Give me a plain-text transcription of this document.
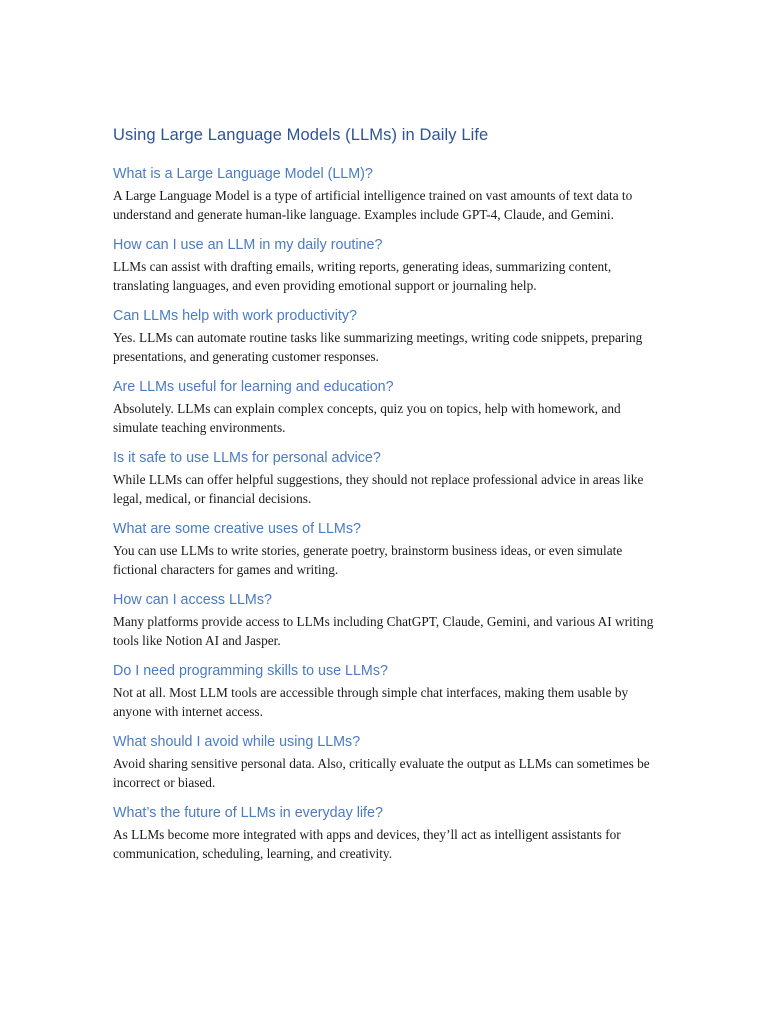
Using Large Language Models (LLMs) in Daily Life
What is a Large Language Model (LLM)?

A Large Language Model is a type of artificial intelligence trained on vast amounts of text data to understand and generate human-like language. Examples include GPT-4, Claude, and Gemini.

How can I use an LLM in my daily routine?

LLMs can assist with drafting emails, writing reports, generating ideas, summarizing content, translating languages, and even providing emotional support or journaling help.

Can LLMs help with work productivity?

Yes. LLMs can automate routine tasks like summarizing meetings, writing code snippets, preparing presentations, and generating customer responses.

Are LLMs useful for learning and education?

Absolutely. LLMs can explain complex concepts, quiz you on topics, help with homework, and simulate teaching environments.

Is it safe to use LLMs for personal advice?

While LLMs can offer helpful suggestions, they should not replace professional advice in areas like legal, medical, or financial decisions.

What are some creative uses of LLMs?

You can use LLMs to write stories, generate poetry, brainstorm business ideas, or even simulate fictional characters for games and writing.

How can I access LLMs?

Many platforms provide access to LLMs including ChatGPT, Claude, Gemini, and various AI writing tools like Notion AI and Jasper.

Do I need programming skills to use LLMs?

Not at all. Most LLM tools are accessible through simple chat interfaces, making them usable by anyone with internet access.

What should I avoid while using LLMs?

Avoid sharing sensitive personal data. Also, critically evaluate the output as LLMs can sometimes be incorrect or biased.

What’s the future of LLMs in everyday life?

As LLMs become more integrated with apps and devices, they’ll act as intelligent assistants for communication, scheduling, learning, and creativity.
